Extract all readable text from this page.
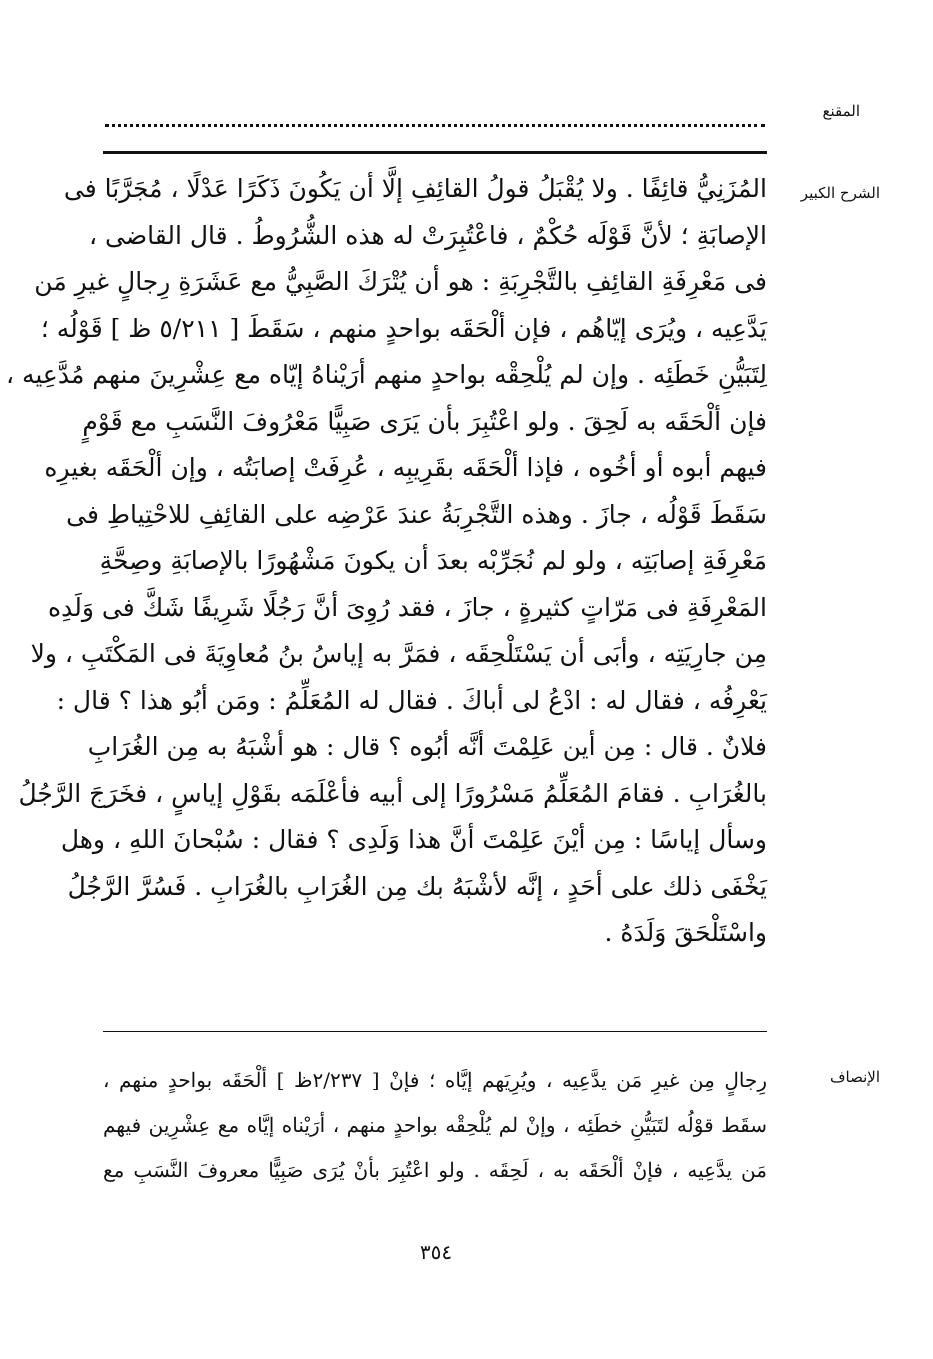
المقنع
الشرح الكبير
المُزَنِيُّ قائِفًا . ولا يُقْبَلُ قولُ القائِفِ إلَّا أن يَكُونَ ذَكَرًا عَدْلًا ، مُجَرَّبًا فى
الإصابَةِ ؛ لأنَّ قَوْلَه حُكْمٌ ، فاعْتُبِرَتْ له هذه الشُّرُوطُ . قال القاضى ،
فى مَعْرِفَةِ القائِفِ بالتَّجْرِبَةِ : هو أن يُتْرَكَ الصَّبِيُّ مع عَشَرَةِ رِجالٍ غيرِ مَن
يَدَّعِيه ، ويُرَى إيّاهُم ، فإن ألْحَقَه بواحدٍ منهم ، سَقَطَ [ ٥/٢١١ ظ ] قَوْلُه ؛
لِتَبَيُّنِ خَطَئِه . وإن لم يُلْحِقْه بواحدٍ منهم أرَيْناهُ إيّاه مع عِشْرِينَ منهم مُدَّعِيه ،
فإن ألْحَقَه به لَحِقَ . ولو اعْتُبِرَ بأن يَرَى صَبِيًّا مَعْرُوفَ النَّسَبِ مع قَوْمٍ
فيهم أبوه أو أخُوه ، فإذا ألْحَقَه بقَرِيبِه ، عُرِفَتْ إصابَتُه ، وإن ألْحَقَه بغيرِه
سَقَطَ قَوْلُه ، جازَ . وهذه التَّجْرِبَةُ عندَ عَرْضِه على القائِفِ للاحْتِياطِ فى
مَعْرِفَةِ إصابَتِه ، ولو لم نُجَرِّبْه بعدَ أن يكونَ مَشْهُورًا بالإصابَةِ وصِحَّةِ
المَعْرِفَةِ فى مَرّاتٍ كثيرةٍ ، جازَ ، فقد رُوِىَ أنَّ رَجُلًا شَرِيفًا شَكَّ فى وَلَدِه
مِن جارِيَتِه ، وأبَى أن يَسْتَلْحِقَه ، فمَرَّ به إياسُ بنُ مُعاوِيَةَ فى المَكْتَبِ ، ولا
يَعْرِفُه ، فقال له : ادْعُ لى أباكَ . فقال له المُعَلِّمُ : ومَن أبُو هذا ؟ قال :
فلانٌ . قال : مِن أين عَلِمْتَ أنَّه أبُوه ؟ قال : هو أشْبَهُ به مِن الغُرَابِ
بالغُرَابِ . فقامَ المُعَلِّمُ مَسْرُورًا إلى أبيه فأعْلَمَه بقَوْلِ إياسٍ ، فخَرَجَ الرَّجُلُ
وسأل إياسًا : مِن أيْنَ عَلِمْتَ أنَّ هذا وَلَدِى ؟ فقال : سُبْحانَ اللهِ ، وهل
يَخْفَى ذلك على أحَدٍ ، إنَّه لأشْبَهُ بك مِن الغُرَابِ بالغُرَابِ . فَسُرَّ الرَّجُلُ
واسْتَلْحَقَ وَلَدَهُ .
الإنصاف
رِجالٍ مِن غيرِ مَن يدَّعِيه ، ويُرِيَهم إيَّاه ؛ فإنْ [ ٢/٢٣٧ظ ] ألْحَقَه بواحدٍ منهم ،
سقَط قوْلُه لتَبَيُّنِ خطَئِه ، وإنْ لم يُلْحِقْه بواحدٍ منهم ، أرَيْناه إيَّاه مع عِشْرِين فيهم
مَن يدَّعِيه ، فإنْ ألْحَقَه به ، لَحِقَه . ولو اعْتُبِرَ بأنْ يُرَى صَبِيًّا معروفَ النَّسَبِ مع
٣٥٤
